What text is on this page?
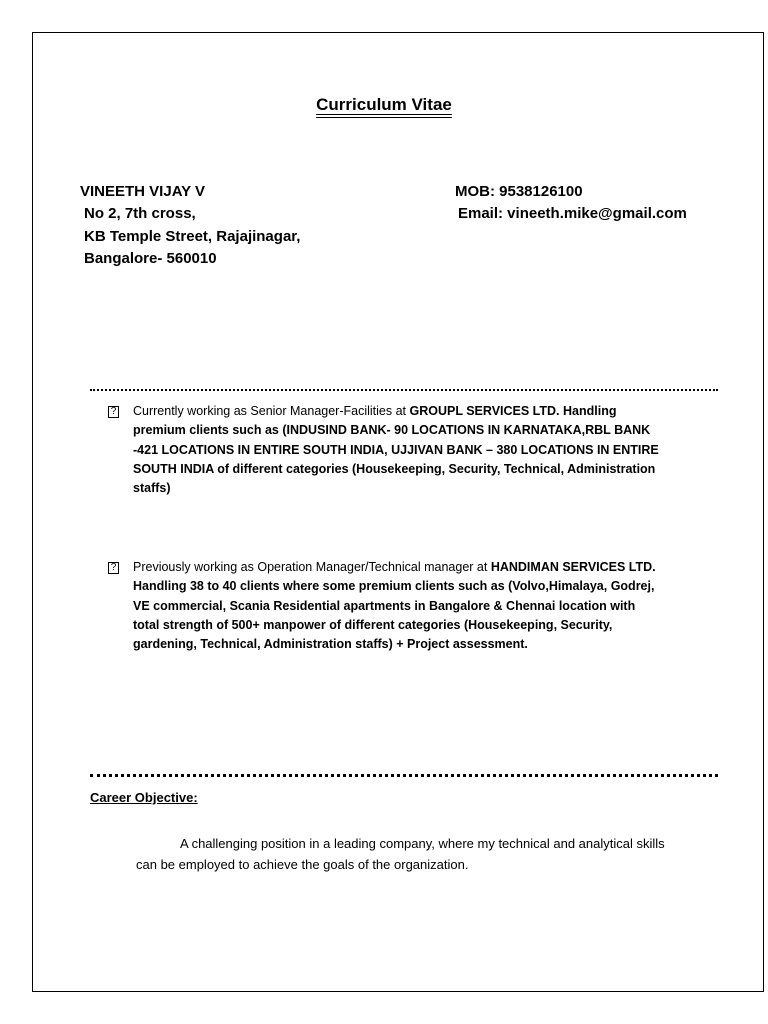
Curriculum Vitae
VINEETH VIJAY V
No 2, 7th cross,
KB Temple Street, Rajajinagar,
Bangalore- 560010
MOB: 9538126100
Email: vineeth.mike@gmail.com
? Currently working as Senior Manager-Facilities at GROUPL SERVICES LTD. Handling premium clients such as (INDUSIND BANK- 90 LOCATIONS IN KARNATAKA,RBL BANK -421 LOCATIONS IN ENTIRE SOUTH INDIA, UJJIVAN BANK – 380 LOCATIONS IN ENTIRE SOUTH INDIA of different categories (Housekeeping, Security, Technical, Administration staffs)
? Previously working as Operation Manager/Technical manager at HANDIMAN SERVICES LTD. Handling 38 to 40 clients where some premium clients such as (Volvo,Himalaya, Godrej, VE commercial, Scania Residential apartments in Bangalore & Chennai location with total strength of 500+ manpower of different categories (Housekeeping, Security, gardening, Technical, Administration staffs) + Project assessment.
Career Objective:
A challenging position in a leading company, where my technical and analytical skills can be employed to achieve the goals of the organization.
